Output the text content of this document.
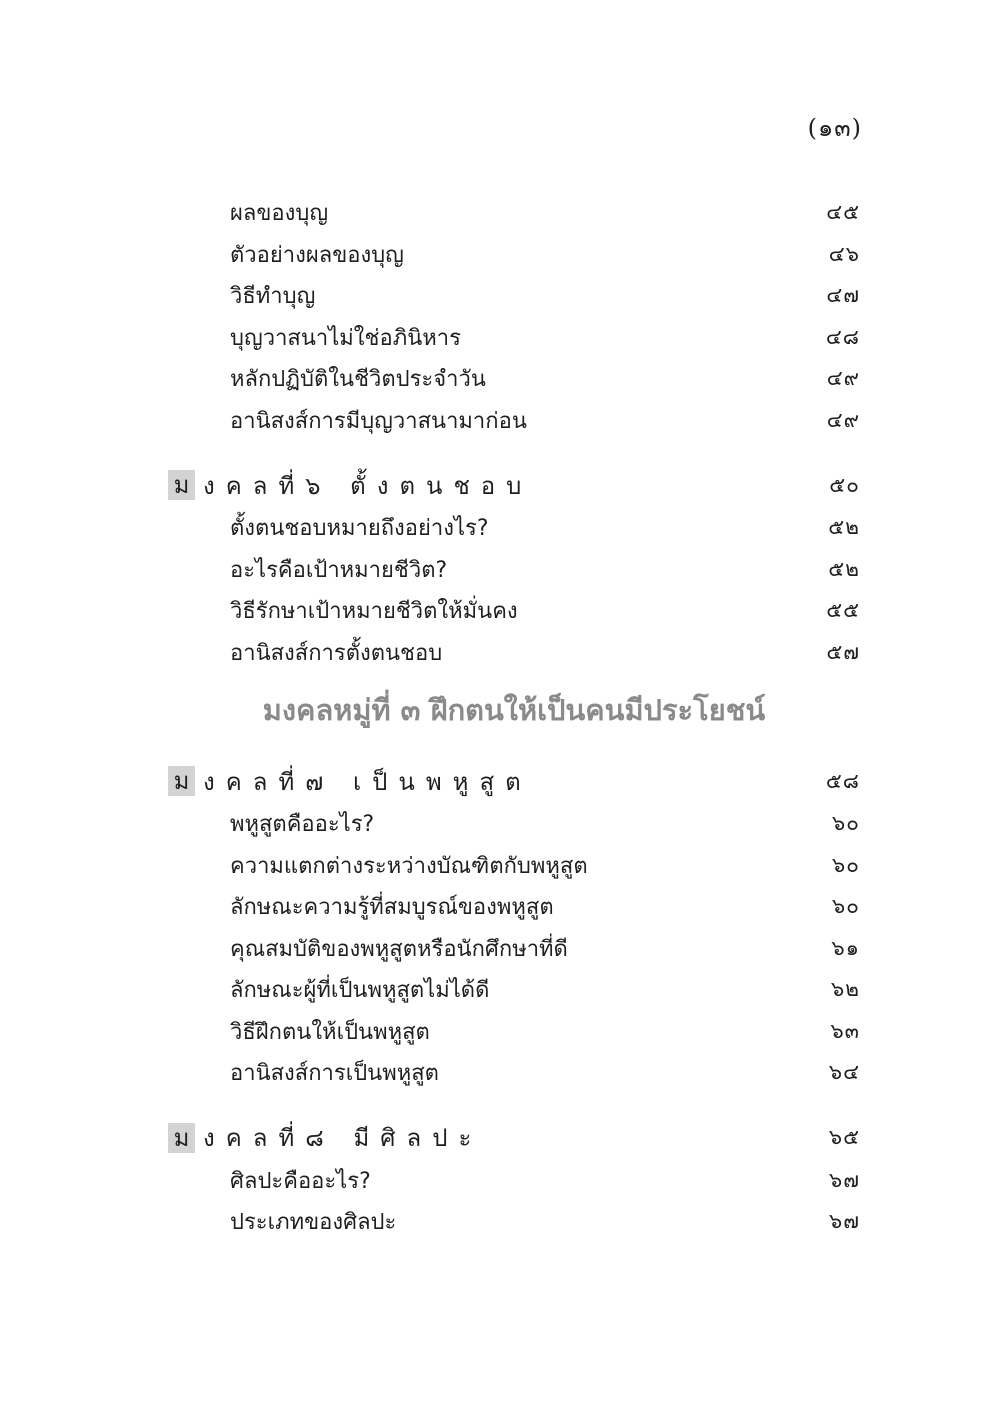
(๑๓)
ผลของบุญ	๔๕
ตัวอย่างผลของบุญ	๔๖
วิธีทำบุญ	๔๗
บุญวาสนาไม่ใช่อภินิหาร	๔๘
หลักปฏิบัติในชีวิตประจำวัน	๔๙
อานิสงส์การมีบุญวาสนามาก่อน	๔๙
ม งคลที่๖ ตั้งตนชอบ	๕๐
ตั้งตนชอบหมายถึงอย่างไร?	๕๒
อะไรคือเป้าหมายชีวิต?	๕๒
วิธีรักษาเป้าหมายชีวิตให้มั่นคง	๕๕
อานิสงส์การตั้งตนชอบ	๕๗
มงคลหมู่ที่ ๓ ฝึกตนให้เป็นคนมีประโยชน์
ม งคลที่๗ เป็นพหูสูต	๕๘
พหูสูตคืออะไร?	๖๐
ความแตกต่างระหว่างบัณฑิตกับพหูสูต	๖๐
ลักษณะความรู้ที่สมบูรณ์ของพหูสูต	๖๐
คุณสมบัติของพหูสูตหรือนักศึกษาที่ดี	๖๑
ลักษณะผู้ที่เป็นพหูสูตไม่ได้ดี	๖๒
วิธีฝึกตนให้เป็นพหูสูต	๖๓
อานิสงส์การเป็นพหูสูต	๖๔
ม งคลที่๘ มีศิลปะ	๖๕
ศิลปะคืออะไร?	๖๗
ประเภทของศิลปะ	๖๗
